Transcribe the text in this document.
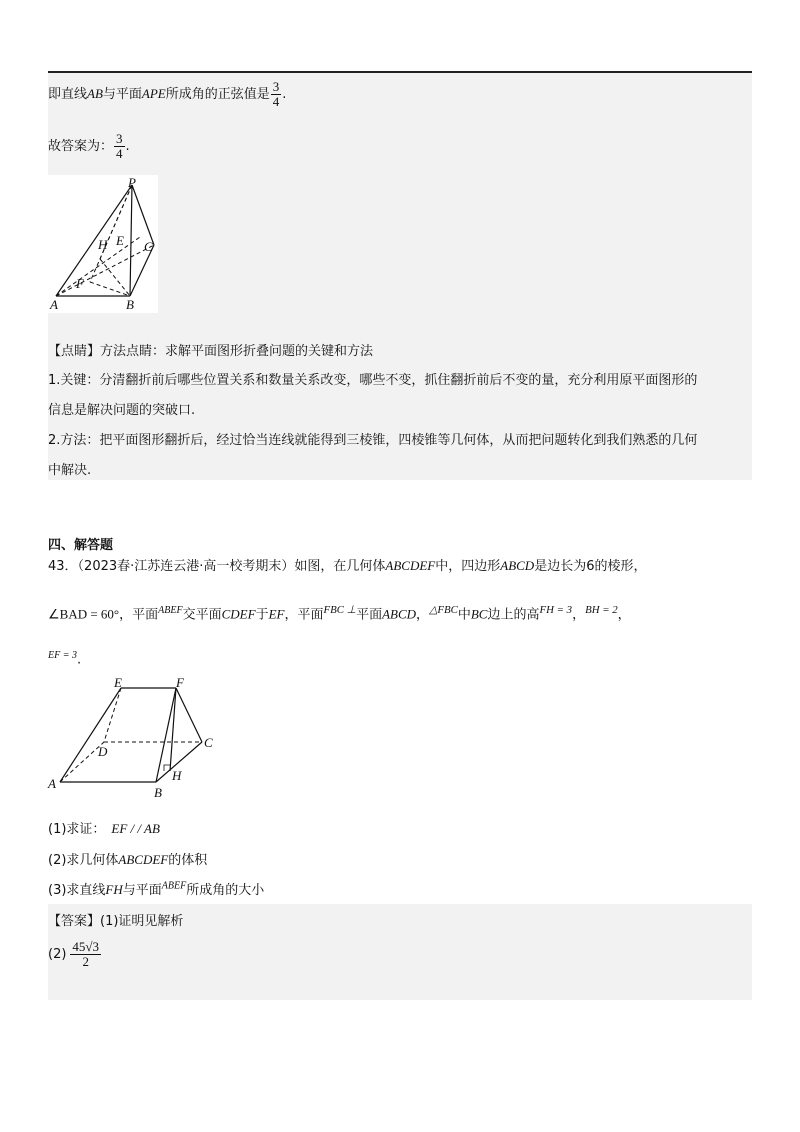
即直线AB与平面APE所成角的正弦值是 $\frac{3}{4}$ .
故答案为： $\frac{3}{4}$ .
P
H E C
A
F
B
【点睛】方法点睛：求解平面图形折叠问题的关键和方法
1.关键：分清翻折前后哪些位置关系和数量关系改变，哪些不变，抓住翻折前后不变的量，充分利用原平面图形的
信息是解决问题的突破口.
2.方法：把平面图形翻折后，经过恰当连线就能得到三棱锥，四棱锥等几何体，从而把问题转化到我们熟悉的几何
中解决.
四、解答题
43．（2023春·江苏连云港·高一校考期末）如图，在几何体ABCDEF中，四边形ABCD是边长为6的棱形，
∠BAD = 60°，平面$^{ABEF}$交平面CDEF于EF，平面$^{FBC \perp}$平面ABCD，$^{\triangle FBC}$中BC边上的高$^{FH = 3}$，$^{BH = 2}$，
$^{EF = 3}$.
E	F
D
C
A
H
B
(1)求证： EF / / AB
(2)求几何体ABCDEF的体积
(3)求直线FH与平面$^{ABEF}$所成角的大小
【答案】(1)证明见解析
$(2) \frac{45√3}{2}$
